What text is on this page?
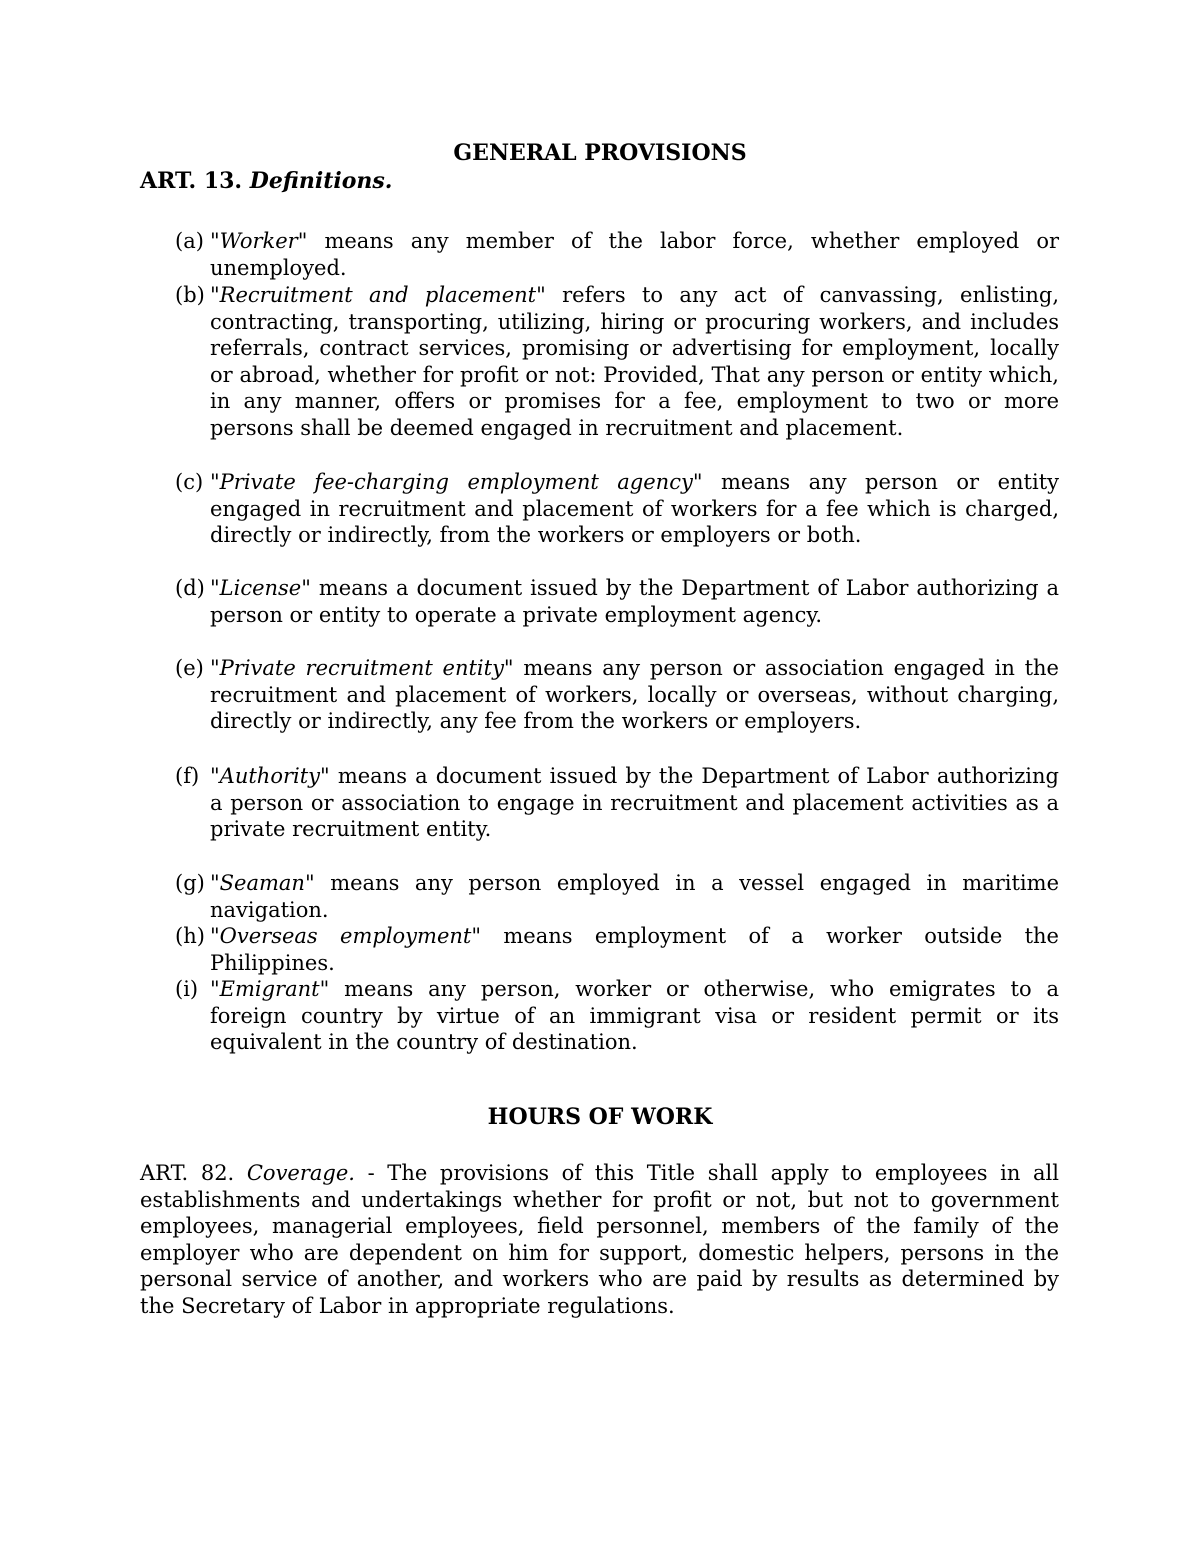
GENERAL PROVISIONS

ART. 13. Definitions.

(a) "Worker" means any member of the labor force, whether employed or unemployed.
(b) "Recruitment and placement" refers to any act of canvassing, enlisting, contracting, transporting, utilizing, hiring or procuring workers, and includes referrals, contract services, promising or advertising for employment, locally or abroad, whether for profit or not: Provided, That any person or entity which, in any manner, offers or promises for a fee, employment to two or more persons shall be deemed engaged in recruitment and placement.
(c) "Private fee-charging employment agency" means any person or entity engaged in recruitment and placement of workers for a fee which is charged, directly or indirectly, from the workers or employers or both.
(d) "License" means a document issued by the Department of Labor authorizing a person or entity to operate a private employment agency.
(e) "Private recruitment entity" means any person or association engaged in the recruitment and placement of workers, locally or overseas, without charging, directly or indirectly, any fee from the workers or employers.
(f) "Authority" means a document issued by the Department of Labor authorizing a person or association to engage in recruitment and placement activities as a private recruitment entity.
(g) "Seaman" means any person employed in a vessel engaged in maritime navigation.
(h) "Overseas employment" means employment of a worker outside the Philippines.
(i) "Emigrant" means any person, worker or otherwise, who emigrates to a foreign country by virtue of an immigrant visa or resident permit or its equivalent in the country of destination.
HOURS OF WORK

ART. 82. Coverage. - The provisions of this Title shall apply to employees in all establishments and undertakings whether for profit or not, but not to government employees, managerial employees, field personnel, members of the family of the employer who are dependent on him for support, domestic helpers, persons in the personal service of another, and workers who are paid by results as determined by the Secretary of Labor in appropriate regulations.
